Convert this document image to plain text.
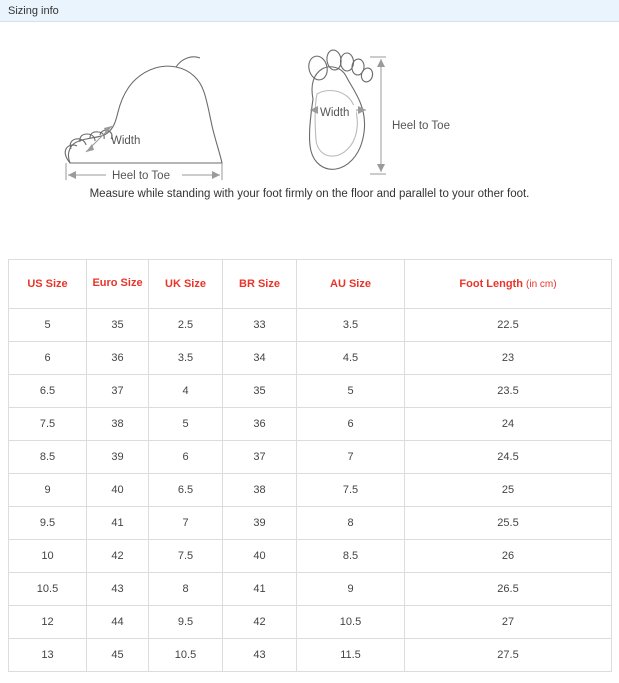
Sizing info
Width
Heel to Toe
Width
Heel to Toe
Measure while standing with your foot firmly on the floor and parallel to your other foot.
US Size	Euro Size	UK Size	BR Size	AU Size	Foot Length (in cm)
5	35	2.5	33	3.5	22.5
6	36	3.5	34	4.5	23
6.5	37	4	35	5	23.5
7.5	38	5	36	6	24
8.5	39	6	37	7	24.5
9	40	6.5	38	7.5	25
9.5	41	7	39	8	25.5
10	42	7.5	40	8.5	26
10.5	43	8	41	9	26.5
12	44	9.5	42	10.5	27
13	45	10.5	43	11.5	27.5
